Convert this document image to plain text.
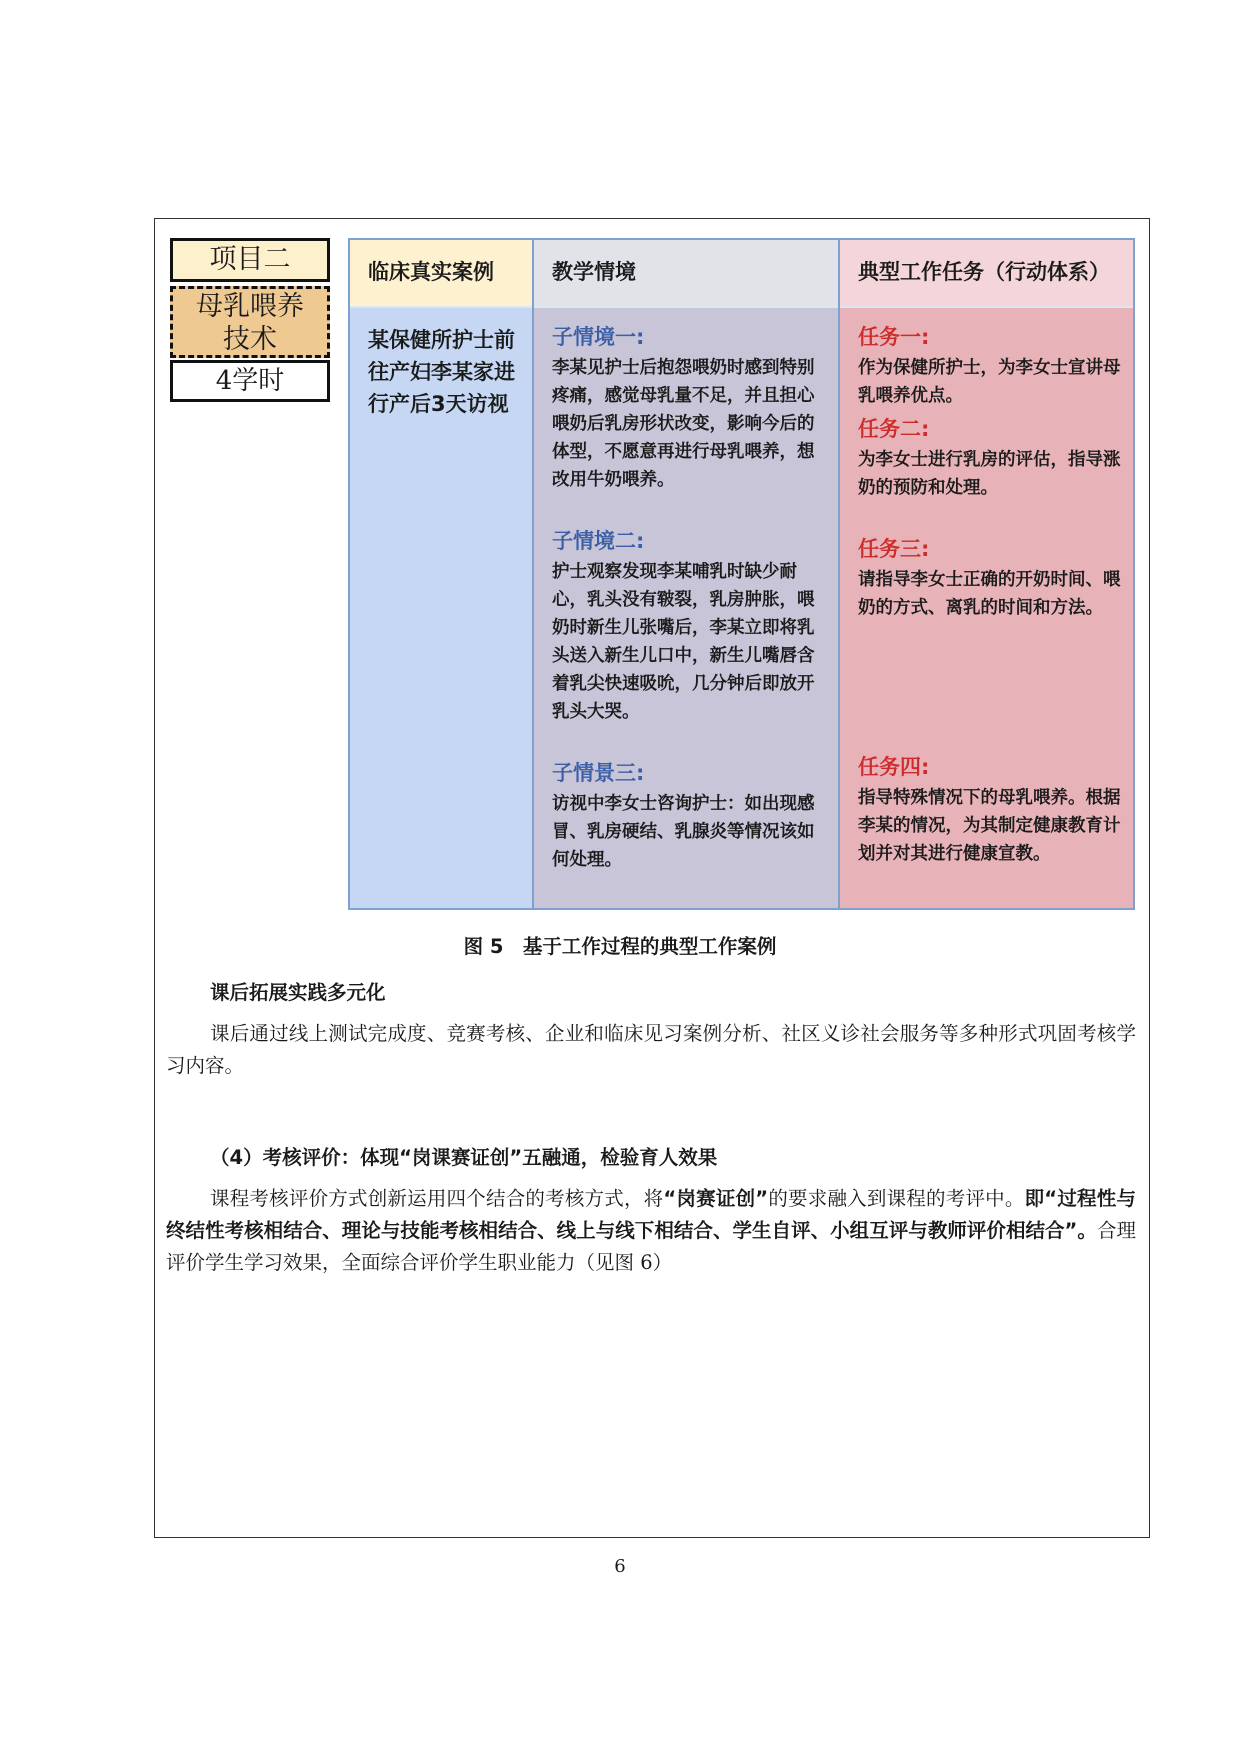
项目二
母乳喂养
技术
4学时
临床真实案例
某保健所护士前往产妇李某家进行产后3天访视
教学情境
子情境一:
李某见护士后抱怨喂奶时感到特别疼痛，感觉母乳量不足，并且担心喂奶后乳房形状改变，影响今后的体型，不愿意再进行母乳喂养，想改用牛奶喂养。
子情境二:
护士观察发现李某哺乳时缺少耐心，乳头没有皲裂，乳房肿胀，喂奶时新生儿张嘴后，李某立即将乳头送入新生儿口中，新生儿嘴唇含着乳尖快速吸吮，几分钟后即放开乳头大哭。
子情景三:
访视中李女士咨询护士：如出现感冒、乳房硬结、乳腺炎等情况该如何处理。
典型工作任务（行动体系）
任务一:
作为保健所护士，为李女士宣讲母乳喂养优点。
任务二:
为李女士进行乳房的评估，指导涨奶的预防和处理。
任务三:
请指导李女士正确的开奶时间、喂奶的方式、离乳的时间和方法。
任务四:
指导特殊情况下的母乳喂养。根据李某的情况，为其制定健康教育计划并对其进行健康宣教。
图 5　基于工作过程的典型工作案例
课后拓展实践多元化
课后通过线上测试完成度、竞赛考核、企业和临床见习案例分析、社区义诊社会服务等多种形式巩固考核学习内容。
（4）考核评价：体现“岗课赛证创”五融通，检验育人效果
课程考核评价方式创新运用四个结合的考核方式，将“岗赛证创”的要求融入到课程的考评中。即“过程性与终结性考核相结合、理论与技能考核相结合、线上与线下相结合、学生自评、小组互评与教师评价相结合”。合理评价学生学习效果，全面综合评价学生职业能力（见图 6）
6
